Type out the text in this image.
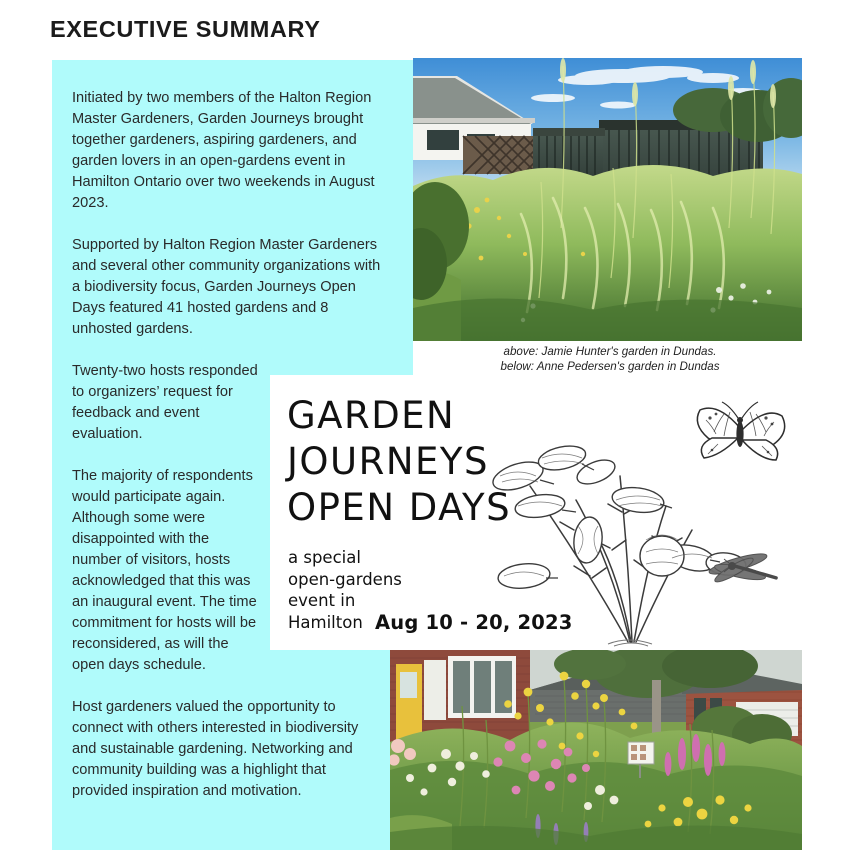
EXECUTIVE SUMMARY

Initiated by two members of the Halton Region Master Gardeners, Garden Journeys brought together gardeners, aspiring gardeners, and garden lovers in an open-gardens event in Hamilton Ontario over two weekends in August 2023.

Supported by Halton Region Master Gardeners and several other community organizations with a biodiversity focus, Garden Journeys Open Days featured 41 hosted gardens and 8 unhosted gardens.

Twenty-two hosts responded to organizers’ request for feedback and event evaluation.

The majority of respondents would participate again. Although some were disappointed with the number of visitors, hosts acknowledged that this was an inaugural event. The time commitment for hosts will be reconsidered, as will the open days schedule.

Host gardeners valued the opportunity to connect with others interested in biodiversity and sustainable gardening. Networking and community building was a highlight that provided inspiration and motivation.

above: Jamie Hunter's garden in Dundas.
below: Anne Pedersen's garden in Dundas
GARDEN
JOURNEYS
OPEN DAYS
a special
open-gardens
event in
Hamilton Aug 10 - 20, 2023
